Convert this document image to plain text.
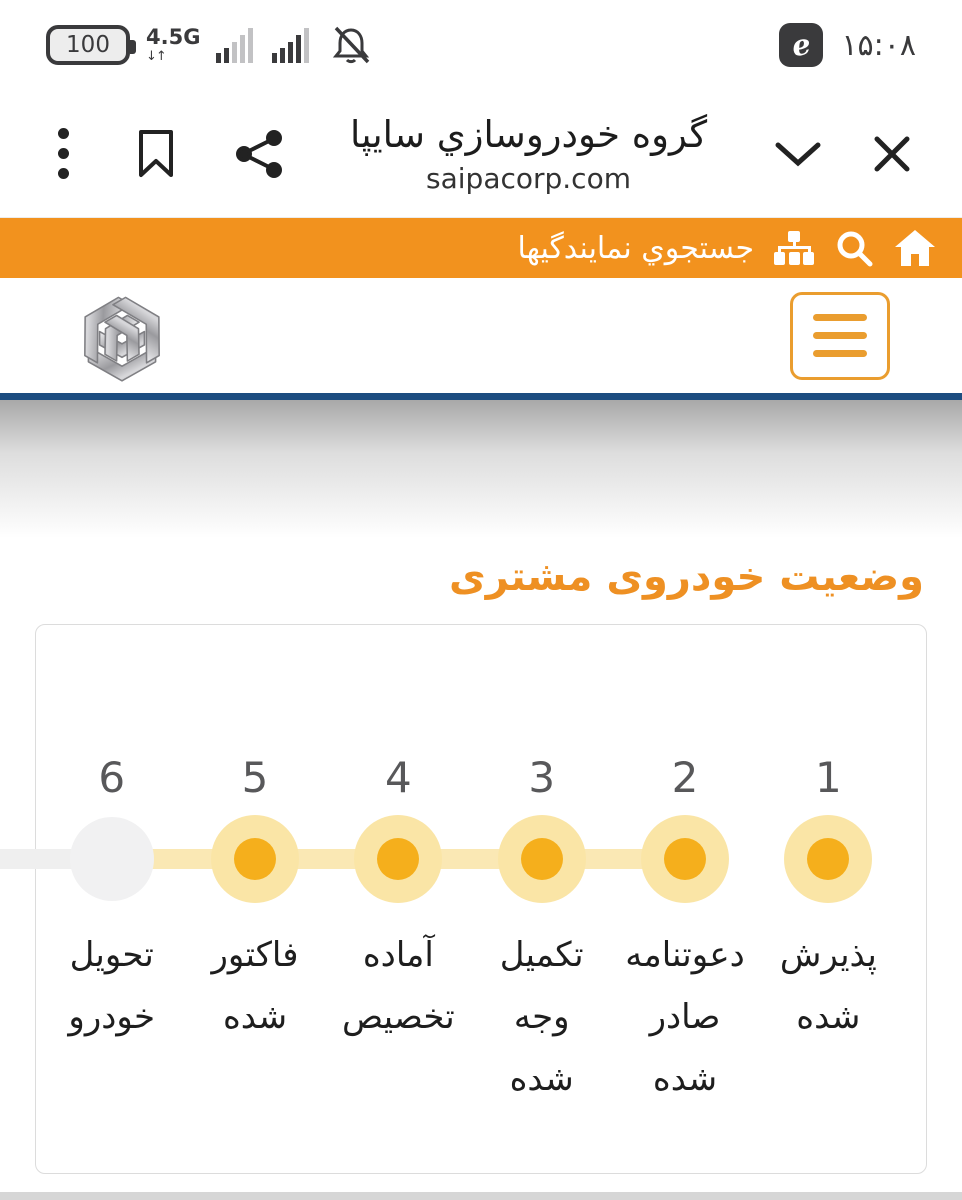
100 4.5G
↓↑	e ۱۵:۰۸
گروه خودروسازي سايپا
saipacorp.com
جستجوي نمايندگيها
وضعیت خودروی مشتری
1
پذیرش
شده
2
دعوتنامه
صادر
شده
3
تکمیل
وجه
شده
4
آماده
تخصیص
5
فاکتور
شده
6
تحویل
خودرو
